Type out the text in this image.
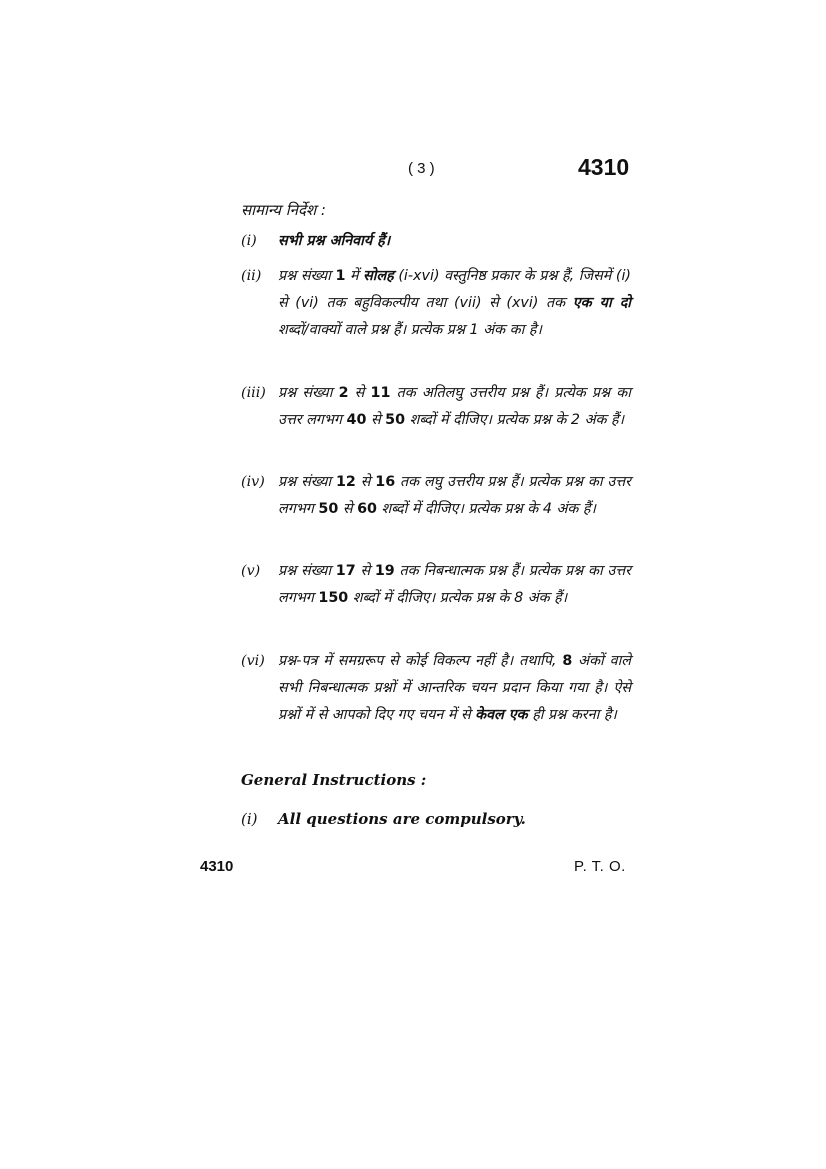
( 3 )	4310
सामान्य निर्देश :
(i)	सभी प्रश्न अनिवार्य हैं।
(ii)	प्रश्न संख्या 1 में सोलह (i-xvi) वस्तुनिष्ठ प्रकार के प्रश्न हैं, जिसमें (i) से (vi) तक बहुविकल्पीय तथा (vii) से (xvi) तक एक या दो शब्दों/वाक्यों वाले प्रश्न हैं। प्रत्येक प्रश्न 1 अंक का है।
(iii) प्रश्न संख्या 2 से 11 तक अतिलघु उत्तरीय प्रश्न हैं। प्रत्येक प्रश्न का उत्तर लगभग 40 से 50 शब्दों में दीजिए। प्रत्येक प्रश्न के 2 अंक हैं।
(iv) प्रश्न संख्या 12 से 16 तक लघु उत्तरीय प्रश्न हैं। प्रत्येक प्रश्न का उत्तर लगभग 50 से 60 शब्दों में दीजिए। प्रत्येक प्रश्न के 4 अंक हैं।
(v)	प्रश्न संख्या 17 से 19 तक निबन्धात्मक प्रश्न हैं। प्रत्येक प्रश्न का उत्तर लगभग 150 शब्दों में दीजिए। प्रत्येक प्रश्न के 8 अंक हैं।
(vi) प्रश्न-पत्र में समग्ररूप से कोई विकल्प नहीं है। तथापि, 8 अंकों वाले सभी निबन्धात्मक प्रश्नों में आन्तरिक चयन प्रदान किया गया है। ऐसे प्रश्नों में से आपको दिए गए चयन में से केवल एक ही प्रश्न करना है।
General Instructions :
(i) All questions are compulsory.
4310	P. T. O.
